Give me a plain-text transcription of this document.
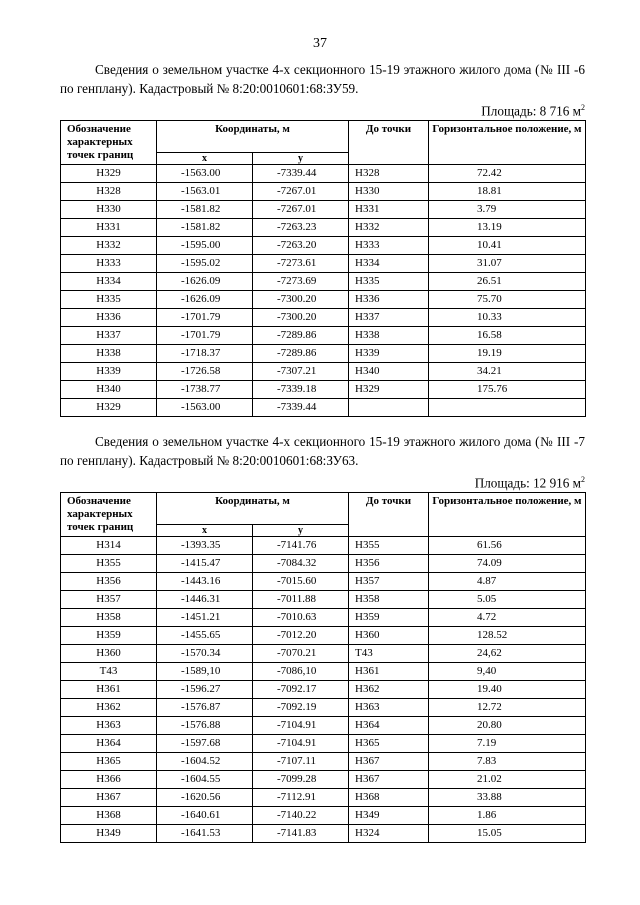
37

Сведения о земельном участке 4-х секционного 15-19 этажного жилого дома (№ III -6 по генплану). Кадастровый № 8:20:0010601:68:ЗУ59.

Площадь: 8 716 $м^2$
Обозначение характерных точек границ	Координаты, м		До точки	Горизонтальное положение, м
	x	y		
Н329	-1563.00	-7339.44	Н328	72.42
Н328	-1563.01	-7267.01	Н330	18.81
Н330	-1581.82	-7267.01	Н331	3.79
Н331	-1581.82	-7263.23	Н332	13.19
Н332	-1595.00	-7263.20	Н333	10.41
Н333	-1595.02	-7273.61	Н334	31.07
Н334	-1626.09	-7273.69	Н335	26.51
Н335	-1626.09	-7300.20	Н336	75.70
Н336	-1701.79	-7300.20	Н337	10.33
Н337	-1701.79	-7289.86	Н338	16.58
Н338	-1718.37	-7289.86	Н339	19.19
Н339	-1726.58	-7307.21	Н340	34.21
Н340	-1738.77	-7339.18	Н329	175.76
Н329	-1563.00	-7339.44		

Сведения о земельном участке 4-х секционного 15-19 этажного жилого дома (№ III -7 по генплану). Кадастровый № 8:20:0010601:68:ЗУ63.

Площадь: 12 916 $м^2$
Обозначение характерных точек границ	Координаты, м		До точки	Горизонтальное положение, м
	x	y		
Н314	-1393.35	-7141.76	Н355	61.56
Н355	-1415.47	-7084.32	Н356	74.09
Н356	-1443.16	-7015.60	Н357	4.87
Н357	-1446.31	-7011.88	Н358	5.05
Н358	-1451.21	-7010.63	Н359	4.72
Н359	-1455.65	-7012.20	Н360	128.52
Н360	-1570.34	-7070.21	Т43	24,62
Т43	-1589,10	-7086,10	Н361	9,40
Н361	-1596.27	-7092.17	Н362	19.40
Н362	-1576.87	-7092.19	Н363	12.72
Н363	-1576.88	-7104.91	Н364	20.80
Н364	-1597.68	-7104.91	Н365	7.19
Н365	-1604.52	-7107.11	Н367	7.83
Н366	-1604.55	-7099.28	Н367	21.02
Н367	-1620.56	-7112.91	Н368	33.88
Н368	-1640.61	-7140.22	Н349	1.86
Н349	-1641.53	-7141.83	Н324	15.05
